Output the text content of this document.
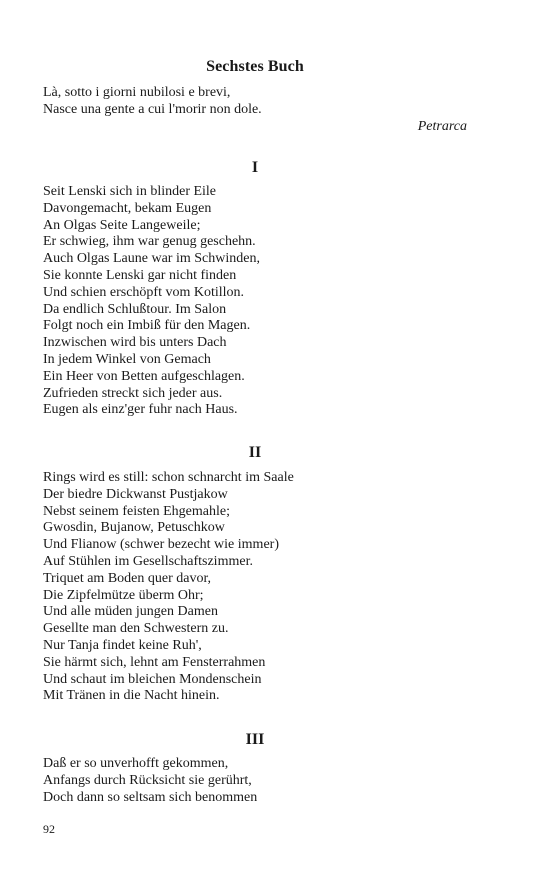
Sechstes Buch
Là, sotto i giorni nubilosi e brevi,
Nasce una gente a cui l'morir non dole.
Petrarca
I
Seit Lenski sich in blinder Eile
Davongemacht, bekam Eugen
An Olgas Seite Langeweile;
Er schwieg, ihm war genug geschehn.
Auch Olgas Laune war im Schwinden,
Sie konnte Lenski gar nicht finden
Und schien erschöpft vom Kotillon.
Da endlich Schlußtour. Im Salon
Folgt noch ein Imbiß für den Magen.
Inzwischen wird bis unters Dach
In jedem Winkel von Gemach
Ein Heer von Betten aufgeschlagen.
Zufrieden streckt sich jeder aus.
Eugen als einz'ger fuhr nach Haus.
II
Rings wird es still: schon schnarcht im Saale
Der biedre Dickwanst Pustjakow
Nebst seinem feisten Ehgemahle;
Gwosdin, Bujanow, Petuschkow
Und Flianow (schwer bezecht wie immer)
Auf Stühlen im Gesellschaftszimmer.
Triquet am Boden quer davor,
Die Zipfelmütze überm Ohr;
Und alle müden jungen Damen
Gesellte man den Schwestern zu.
Nur Tanja findet keine Ruh',
Sie härmt sich, lehnt am Fensterrahmen
Und schaut im bleichen Mondenschein
Mit Tränen in die Nacht hinein.
III
Daß er so unverhofft gekommen,
Anfangs durch Rücksicht sie gerührt,
Doch dann so seltsam sich benommen
92
